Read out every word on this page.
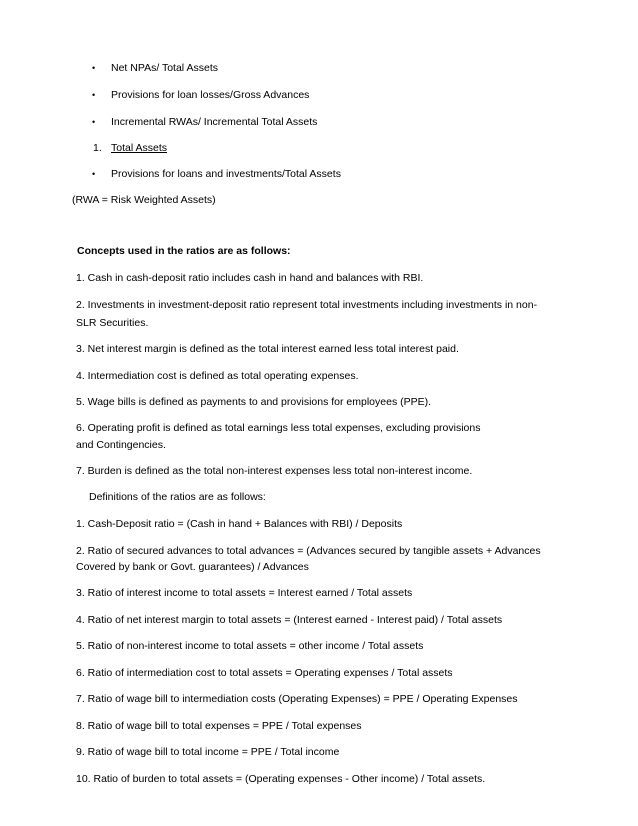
• Net NPAs/ Total Assets
• Provisions for loan losses/Gross Advances
• Incremental RWAs/ Incremental Total Assets
1. Total Assets
• Provisions for loans and investments/Total Assets
(RWA = Risk Weighted Assets)
Concepts used in the ratios are as follows:
1. Cash in cash-deposit ratio includes cash in hand and balances with RBI.
2. Investments in investment-deposit ratio represent total investments including investments in non-
SLR Securities.
3. Net interest margin is defined as the total interest earned less total interest paid.
4. Intermediation cost is defined as total operating expenses.
5. Wage bills is defined as payments to and provisions for employees (PPE).
6. Operating profit is defined as total earnings less total expenses, excluding provisions
and Contingencies.
7. Burden is defined as the total non-interest expenses less total non-interest income.
Definitions of the ratios are as follows:
1. Cash-Deposit ratio = (Cash in hand + Balances with RBI) / Deposits
2. Ratio of secured advances to total advances = (Advances secured by tangible assets + Advances
Covered by bank or Govt. guarantees) / Advances
3. Ratio of interest income to total assets = Interest earned / Total assets
4. Ratio of net interest margin to total assets = (Interest earned - Interest paid) / Total assets
5. Ratio of non-interest income to total assets = other income / Total assets
6. Ratio of intermediation cost to total assets = Operating expenses / Total assets
7. Ratio of wage bill to intermediation costs (Operating Expenses) = PPE / Operating Expenses
8. Ratio of wage bill to total expenses = PPE / Total expenses
9. Ratio of wage bill to total income = PPE / Total income
10. Ratio of burden to total assets = (Operating expenses - Other income) / Total assets.
